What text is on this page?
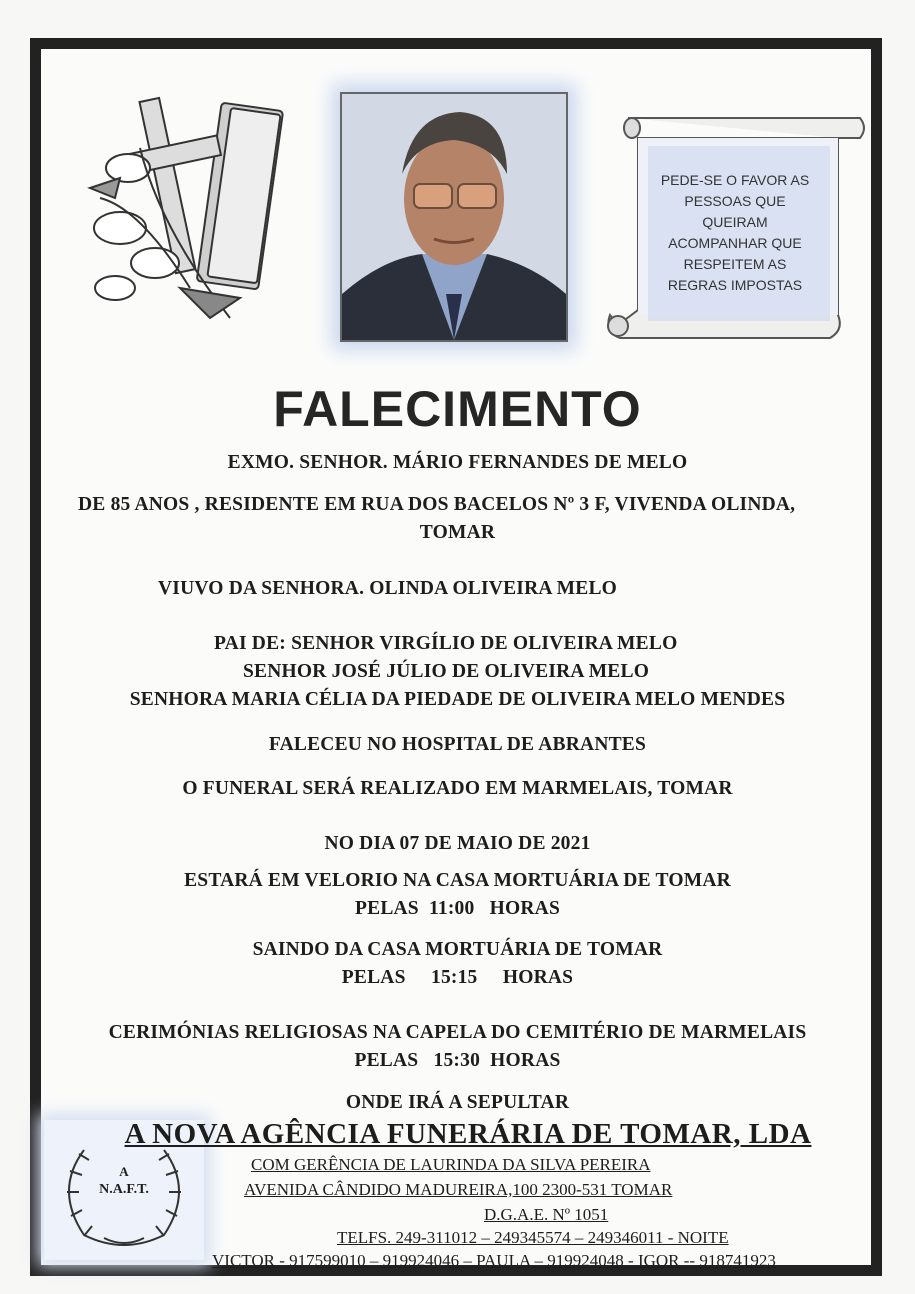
PEDE-SE O FAVOR AS
PESSOAS QUE
QUEIRAM
ACOMPANHAR QUE
RESPEITEM AS
REGRAS IMPOSTAS
FALECIMENTO
EXMO. SENHOR. MÁRIO FERNANDES DE MELO
DE 85 ANOS , RESIDENTE EM RUA DOS BACELOS Nº 3 F, VIVENDA OLINDA,
TOMAR
VIUVO DA SENHORA. OLINDA OLIVEIRA MELO
PAI DE: SENHOR VIRGÍLIO DE OLIVEIRA MELO
SENHOR JOSÉ JÚLIO DE OLIVEIRA MELO
SENHORA MARIA CÉLIA DA PIEDADE DE OLIVEIRA MELO MENDES
FALECEU NO HOSPITAL DE ABRANTES
O FUNERAL SERÁ REALIZADO EM MARMELAIS, TOMAR
NO DIA 07 DE MAIO DE 2021
ESTARÁ EM VELORIO NA CASA MORTUÁRIA DE TOMAR
PELAS  11:00   HORAS
SAINDO DA CASA MORTUÁRIA DE TOMAR
PELAS     15:15     HORAS
CERIMÓNIAS RELIGIOSAS NA CAPELA DO CEMITÉRIO DE MARMELAIS
PELAS   15:30  HORAS
ONDE IRÁ A SEPULTAR
A
N.A.F.T.
A NOVA AGÊNCIA FUNERÁRIA DE TOMAR, LDA
COM GERÊNCIA DE LAURINDA DA SILVA PEREIRA
AVENIDA CÂNDIDO MADUREIRA,100 2300-531 TOMAR
D.G.A.E. Nº 1051
TELFS. 249-311012 – 249345574 – 249346011 - NOITE
VICTOR - 917599010 – 919924046 – PAULA – 919924048 - IGOR -- 918741923
